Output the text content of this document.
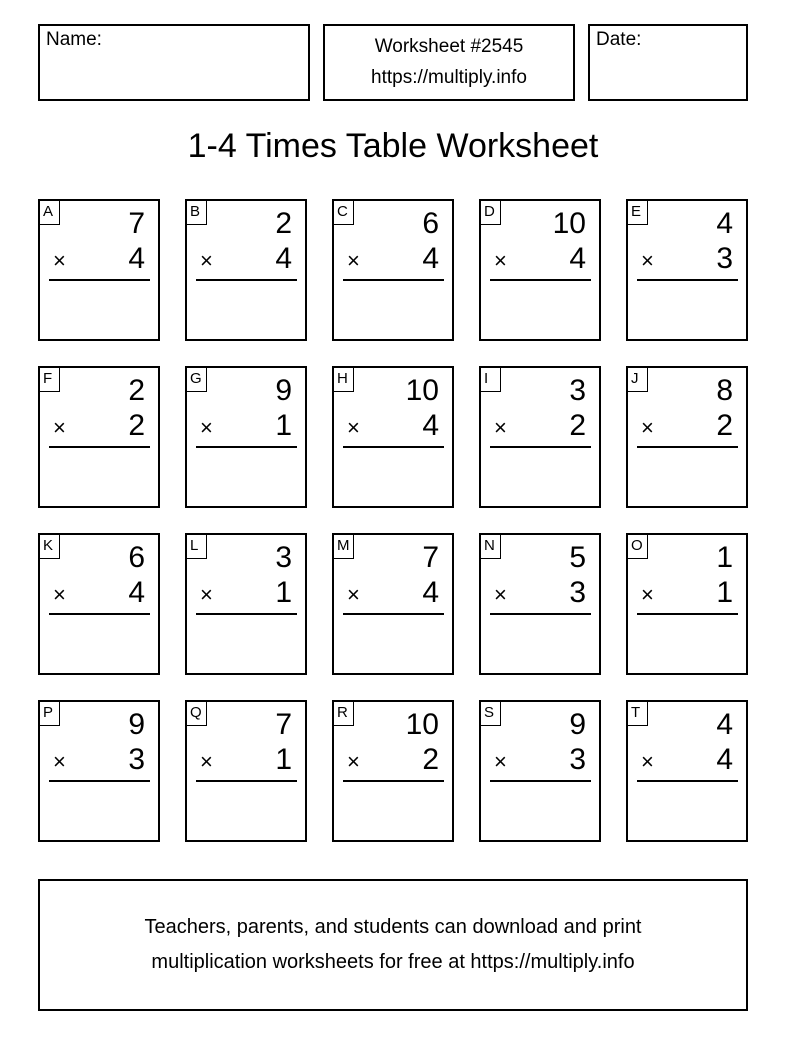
Name:	Worksheet #2545
https://multiply.info
Date:
1-4 Times Table Worksheet
A	7
× 4
B	2
× 4
C 6
× 4
D 10
× 4
E	4
× 3
F	2
× 2
G 9
× 1
H 10
× 4
I	3
× 2
J	8
× 2
K	6
× 4
L	3
× 1
M 7
× 4
N 5
× 3
O 1
× 1
P	9
× 3
Q 7
× 1
R 10
× 2
S	9
× 3
T	4
× 4
Teachers, parents, and students can download and print
multiplication worksheets for free at https://multiply.info
